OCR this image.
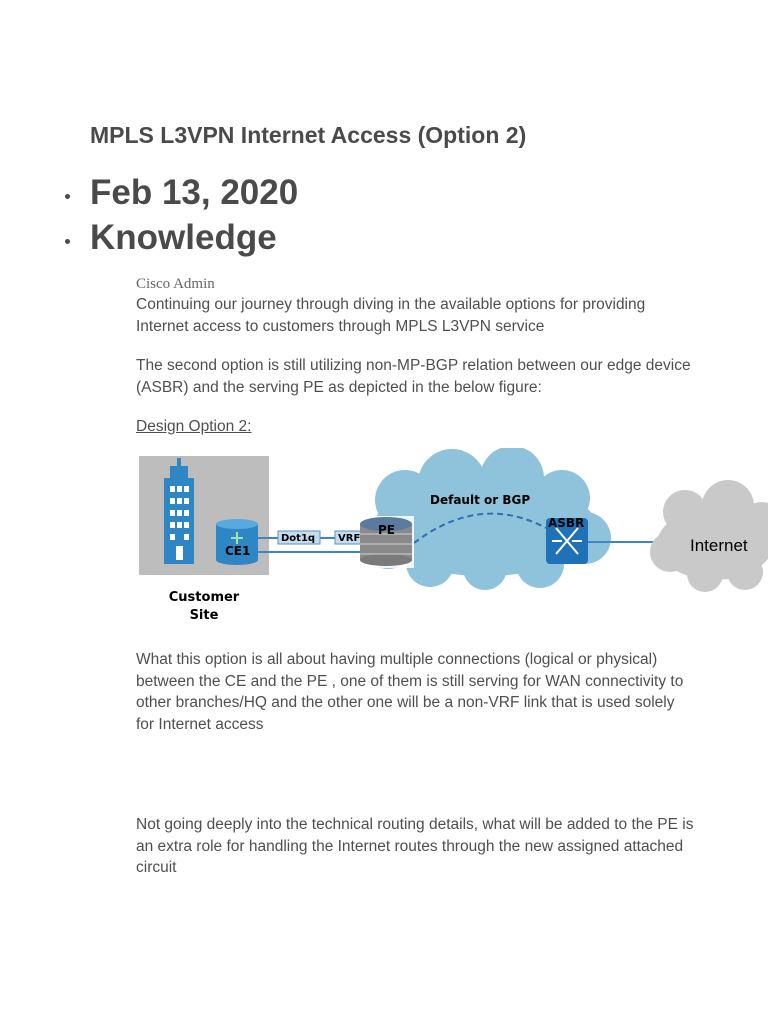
MPLS L3VPN Internet Access (Option 2)
Feb 13, 2020
Knowledge
Cisco Admin

Continuing our journey through diving in the available options for providing Internet access to customers through MPLS L3VPN service

The second option is still utilizing non-MP-BGP relation between our edge device (ASBR) and the serving PE as depicted in the below figure:

Design Option 2:
CE1
Dot1q VRF
Default or BGP
PE	ASBR
Internet
Customer
Site

What this option is all about having multiple connections (logical or physical) between the CE and the PE , one of them is still serving for WAN connectivity to other branches/HQ and the other one will be a non-VRF link that is used solely for Internet access

Not going deeply into the technical routing details, what will be added to the PE is an extra role for handling the Internet routes through the new assigned attached circuit
